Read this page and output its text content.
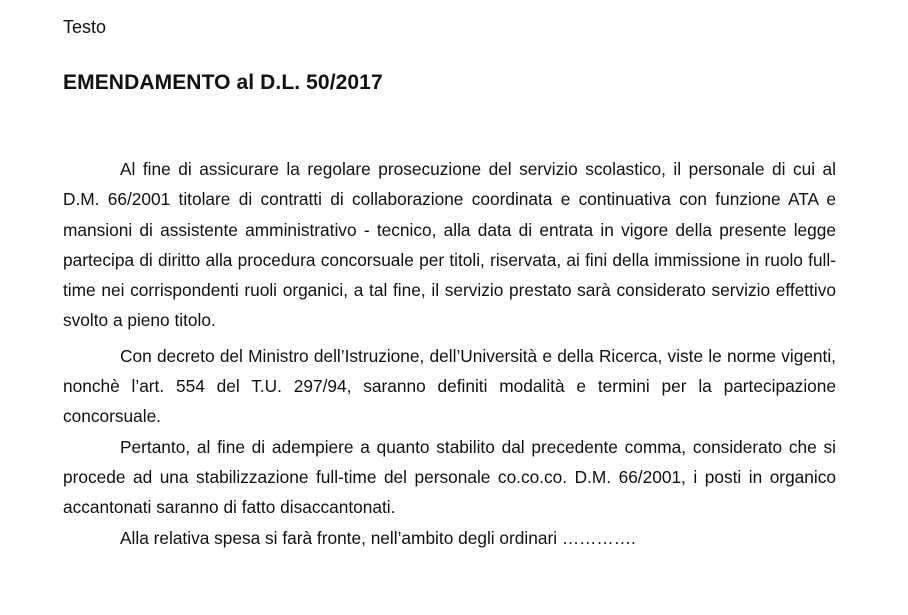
Testo
EMENDAMENTO al D.L. 50/2017

Al fine di assicurare la regolare prosecuzione del servizio scolastico, il personale di cui al D.M. 66/2001 titolare di contratti di collaborazione coordinata e continuativa con funzione ATA e mansioni di assistente amministrativo - tecnico, alla data di entrata in vigore della presente legge partecipa di diritto alla procedura concorsuale per titoli, riservata, ai fini della immissione in ruolo full-time nei corrispondenti ruoli organici, a tal fine, il servizio prestato sarà considerato servizio effettivo svolto a pieno titolo.

Con decreto del Ministro dell’Istruzione, dell’Università e della Ricerca, viste le norme vigenti, nonchè l’art. 554 del T.U. 297/94, saranno definiti modalità e termini per la partecipazione concorsuale.

Pertanto, al fine di adempiere a quanto stabilito dal precedente comma, considerato che si procede ad una stabilizzazione full-time del personale co.co.co. D.M. 66/2001, i posti in organico accantonati saranno di fatto disaccantonati.

Alla relativa spesa si farà fronte, nell’ambito degli ordinari ………….
